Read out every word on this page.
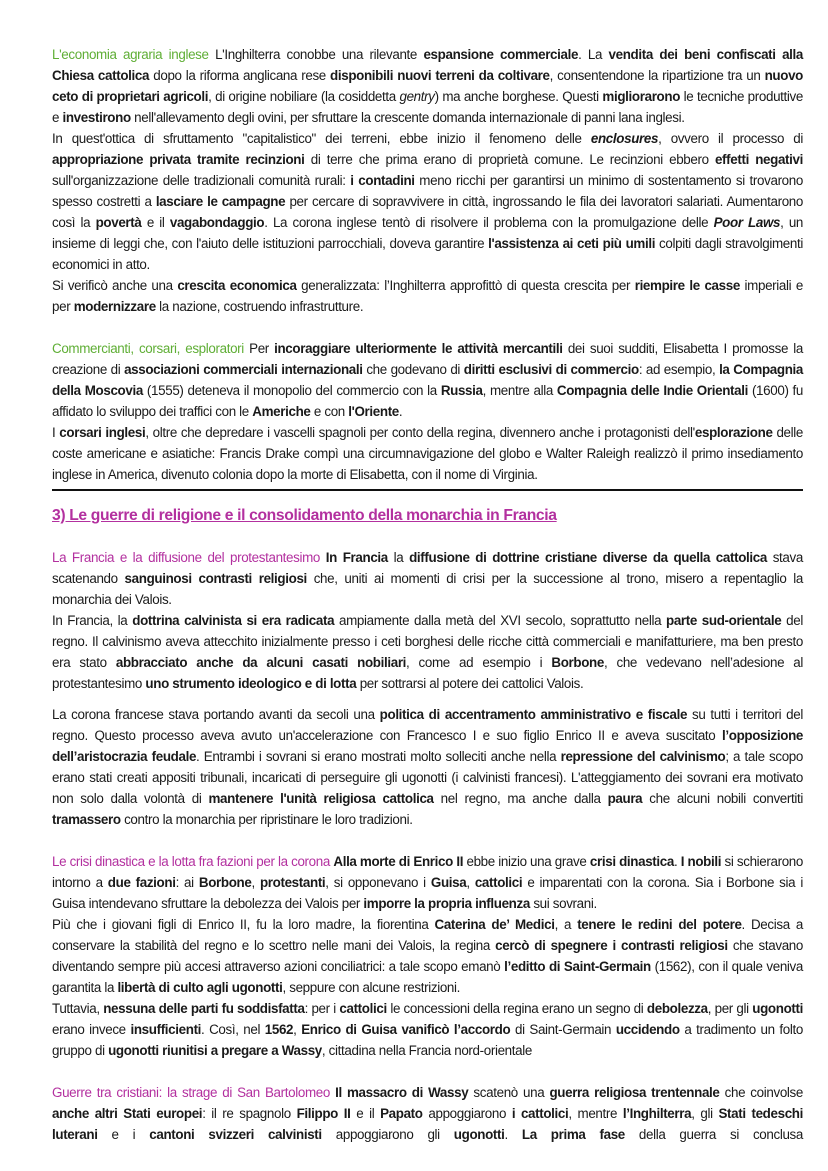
L'economia agraria inglese L'Inghilterra conobbe una rilevante espansione commerciale. La vendita dei beni confiscati alla Chiesa cattolica dopo la riforma anglicana rese disponibili nuovi terreni da coltivare, consentendone la ripartizione tra un nuovo ceto di proprietari agricoli, di origine nobiliare (la cosiddetta gentry) ma anche borghese. Questi migliorarono le tecniche produttive e investirono nell'allevamento degli ovini, per sfruttare la crescente domanda internazionale di panni lana inglesi.

In quest'ottica di sfruttamento "capitalistico" dei terreni, ebbe inizio il fenomeno delle enclosures, ovvero il processo di appropriazione privata tramite recinzioni di terre che prima erano di proprietà comune. Le recinzioni ebbero effetti negativi sull'organizzazione delle tradizionali comunità rurali: i contadini meno ricchi per garantirsi un minimo di sostentamento si trovarono spesso costretti a lasciare le campagne per cercare di sopravvivere in città, ingrossando le fila dei lavoratori salariati. Aumentarono così la povertà e il vagabondaggio. La corona inglese tentò di risolvere il problema con la promulgazione delle Poor Laws, un insieme di leggi che, con l'aiuto delle istituzioni parrocchiali, doveva garantire l'assistenza ai ceti più umili colpiti dagli stravolgimenti economici in atto.

Si verificò anche una crescita economica generalizzata: l’Inghilterra approfittò di questa crescita per riempire le casse imperiali e per modernizzare la nazione, costruendo infrastrutture.

Commercianti, corsari, esploratori Per incoraggiare ulteriormente le attività mercantili dei suoi sudditi, Elisabetta I promosse la creazione di associazioni commerciali internazionali che godevano di diritti esclusivi di commercio: ad esempio, la Compagnia della Moscovia (1555) deteneva il monopolio del commercio con la Russia, mentre alla Compagnia delle Indie Orientali (1600) fu affidato lo sviluppo dei traffici con le Americhe e con l'Oriente.

I corsari inglesi, oltre che depredare i vascelli spagnoli per conto della regina, divennero anche i protagonisti dell'esplorazione delle coste americane e asiatiche: Francis Drake compì una circumnavigazione del globo e Walter Raleigh realizzò il primo insediamento inglese in America, divenuto colonia dopo la morte di Elisabetta, con il nome di Virginia.

3) Le guerre di religione e il consolidamento della monarchia in Francia

La Francia e la diffusione del protestantesimo In Francia la diffusione di dottrine cristiane diverse da quella cattolica stava scatenando sanguinosi contrasti religiosi che, uniti ai momenti di crisi per la successione al trono, misero a repentaglio la monarchia dei Valois.

In Francia, la dottrina calvinista si era radicata ampiamente dalla metà del XVI secolo, soprattutto nella parte sud-orientale del regno. Il calvinismo aveva attecchito inizialmente presso i ceti borghesi delle ricche città commerciali e manifatturiere, ma ben presto era stato abbracciato anche da alcuni casati nobiliari, come ad esempio i Borbone, che vedevano nell’adesione al protestantesimo uno strumento ideologico e di lotta per sottrarsi al potere dei cattolici Valois.

La corona francese stava portando avanti da secoli una politica di accentramento amministrativo e fiscale su tutti i territori del regno. Questo processo aveva avuto un'accelerazione con Francesco I e suo figlio Enrico II e aveva suscitato l’opposizione dell’aristocrazia feudale. Entrambi i sovrani si erano mostrati molto solleciti anche nella repressione del calvinismo; a tale scopo erano stati creati appositi tribunali, incaricati di perseguire gli ugonotti (i calvinisti francesi). L'atteggiamento dei sovrani era motivato non solo dalla volontà di mantenere l'unità religiosa cattolica nel regno, ma anche dalla paura che alcuni nobili convertiti tramassero contro la monarchia per ripristinare le loro tradizioni.

Le crisi dinastica e la lotta fra fazioni per la corona Alla morte di Enrico II ebbe inizio una grave crisi dinastica. I nobili si schierarono intorno a due fazioni: ai Borbone, protestanti, si opponevano i Guisa, cattolici e imparentati con la corona. Sia i Borbone sia i Guisa intendevano sfruttare la debolezza dei Valois per imporre la propria influenza sui sovrani.

Più che i giovani figli di Enrico II, fu la loro madre, la fiorentina Caterina de’ Medici, a tenere le redini del potere. Decisa a conservare la stabilità del regno e lo scettro nelle mani dei Valois, la regina cercò di spegnere i contrasti religiosi che stavano diventando sempre più accesi attraverso azioni conciliatrici: a tale scopo emanò l’editto di Saint-Germain (1562), con il quale veniva garantita la libertà di culto agli ugonotti, seppure con alcune restrizioni.

Tuttavia, nessuna delle parti fu soddisfatta: per i cattolici le concessioni della regina erano un segno di debolezza, per gli ugonotti erano invece insufficienti. Così, nel 1562, Enrico di Guisa vanificò l’accordo di Saint-Germain uccidendo a tradimento un folto gruppo di ugonotti riunitisi a pregare a Wassy, cittadina nella Francia nord-orientale

Guerre tra cristiani: la strage di San Bartolomeo Il massacro di Wassy scatenò una guerra religiosa trentennale che coinvolse anche altri Stati europei: il re spagnolo Filippo II e il Papato appoggiarono i cattolici, mentre l’Inghilterra, gli Stati tedeschi luterani e i cantoni svizzeri calvinisti appoggiarono gli ugonotti. La prima fase della guerra si conclusa
